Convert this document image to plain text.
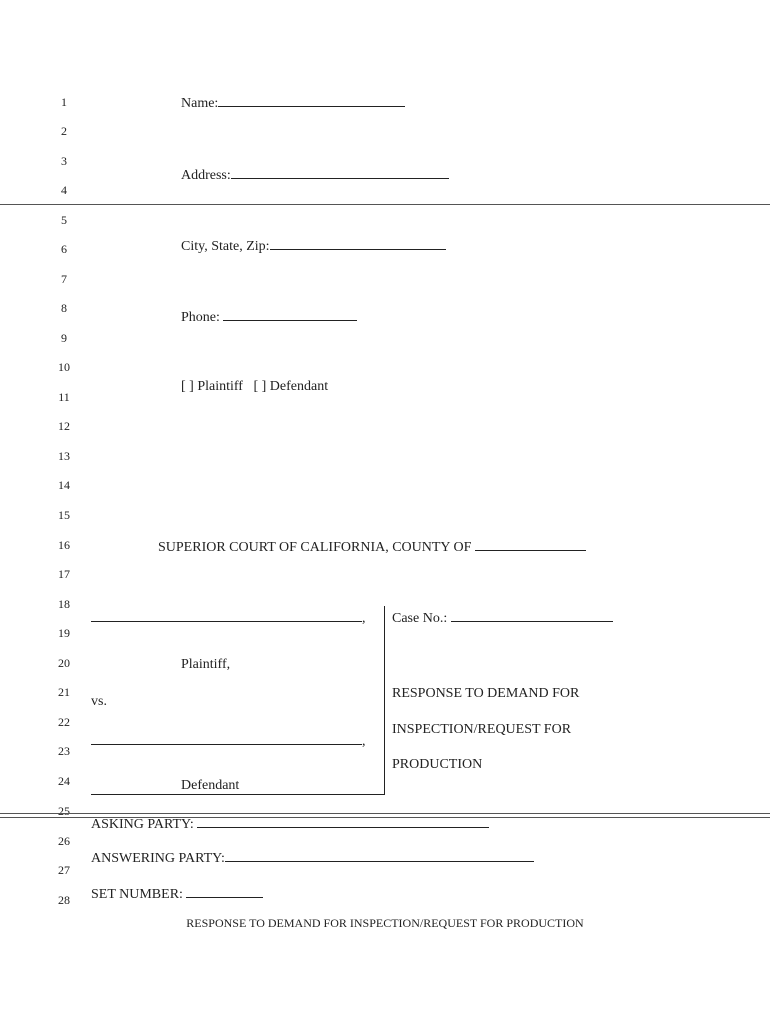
1
2
3
4
5
6
7
8
9
10
11
12
13
14
15
16
17
18
19
20
21
22
23
24
25
26
27
28
Name:
Address:
City, State, Zip:
Phone:
[ ] Plaintiff   [ ] Defendant
SUPERIOR COURT OF CALIFORNIA, COUNTY OF
,
Plaintiff,
vs.
,
Defendant
Case No.:
RESPONSE TO DEMAND FOR
INSPECTION/REQUEST FOR
PRODUCTION
ASKING PARTY:
ANSWERING PARTY:
SET NUMBER:
RESPONSE TO DEMAND FOR INSPECTION/REQUEST FOR PRODUCTION
